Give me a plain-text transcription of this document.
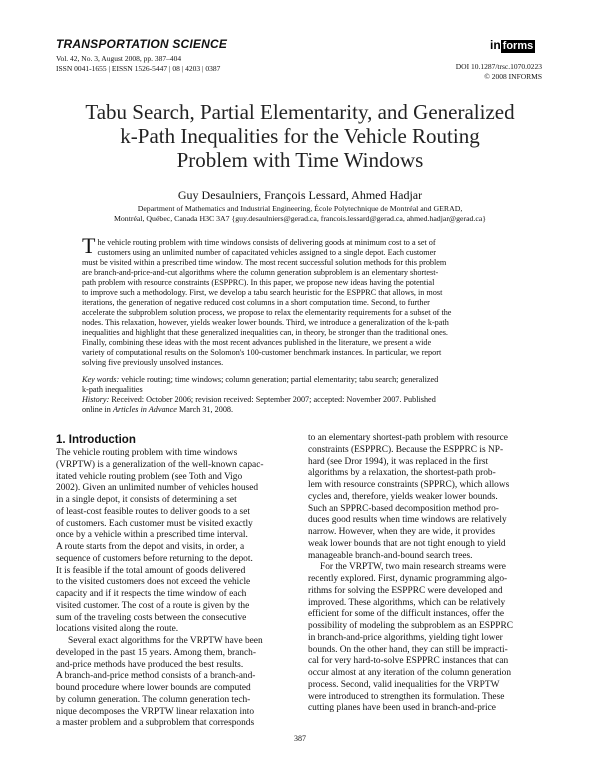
TRANSPORTATION SCIENCE
Vol. 42, No. 3, August 2008, pp. 387–404
ISSN 0041-1655 | EISSN 1526-5447 | 08 | 4203 | 0387
in forms
DOI 10.1287/trsc.1070.0223
© 2008 INFORMS
Tabu Search, Partial Elementarity, and Generalized
k-Path Inequalities for the Vehicle Routing
Problem with Time Windows
Guy Desaulniers, François Lessard, Ahmed Hadjar
Department of Mathematics and Industrial Engineering, École Polytechnique de Montréal and GERAD,
Montréal, Québec, Canada H3C 3A7 {guy.desaulniers@gerad.ca, francois.lessard@gerad.ca, ahmed.hadjar@gerad.ca}
T he vehicle routing problem with time windows consists of delivering goods at minimum cost to a set of
customers using an unlimited number of capacitated vehicles assigned to a single depot. Each customer
must be visited within a prescribed time window. The most recent successful solution methods for this problem
are branch-and-price-and-cut algorithms where the column generation subproblem is an elementary shortest-
path problem with resource constraints (ESPPRC). In this paper, we propose new ideas having the potential
to improve such a methodology. First, we develop a tabu search heuristic for the ESPPRC that allows, in most
iterations, the generation of negative reduced cost columns in a short computation time. Second, to further
accelerate the subproblem solution process, we propose to relax the elementarity requirements for a subset of the
nodes. This relaxation, however, yields weaker lower bounds. Third, we introduce a generalization of the k-path
inequalities and highlight that these generalized inequalities can, in theory, be stronger than the traditional ones.
Finally, combining these ideas with the most recent advances published in the literature, we present a wide
variety of computational results on the Solomon's 100-customer benchmark instances. In particular, we report
solving five previously unsolved instances.
Key words: vehicle routing; time windows; column generation; partial elementarity; tabu search; generalized
k-path inequalities
History: Received: October 2006; revision received: September 2007; accepted: November 2007. Published
online in Articles in Advance March 31, 2008.
1. Introduction
The vehicle routing problem with time windows
(VRPTW) is a generalization of the well-known capac-
itated vehicle routing problem (see Toth and Vigo
2002). Given an unlimited number of vehicles housed
in a single depot, it consists of determining a set
of least-cost feasible routes to deliver goods to a set
of customers. Each customer must be visited exactly
once by a vehicle within a prescribed time interval.
A route starts from the depot and visits, in order, a
sequence of customers before returning to the depot.
It is feasible if the total amount of goods delivered
to the visited customers does not exceed the vehicle
capacity and if it respects the time window of each
visited customer. The cost of a route is given by the
sum of the traveling costs between the consecutive
locations visited along the route.
Several exact algorithms for the VRPTW have been
developed in the past 15 years. Among them, branch-
and-price methods have produced the best results.
A branch-and-price method consists of a branch-and-
bound procedure where lower bounds are computed
by column generation. The column generation tech-
nique decomposes the VRPTW linear relaxation into
a master problem and a subproblem that corresponds
to an elementary shortest-path problem with resource
constraints (ESPPRC). Because the ESPPRC is NP-
hard (see Dror 1994), it was replaced in the first
algorithms by a relaxation, the shortest-path prob-
lem with resource constraints (SPPRC), which allows
cycles and, therefore, yields weaker lower bounds.
Such an SPPRC-based decomposition method pro-
duces good results when time windows are relatively
narrow. However, when they are wide, it provides
weak lower bounds that are not tight enough to yield
manageable branch-and-bound search trees.
For the VRPTW, two main research streams were
recently explored. First, dynamic programming algo-
rithms for solving the ESPPRC were developed and
improved. These algorithms, which can be relatively
efficient for some of the difficult instances, offer the
possibility of modeling the subproblem as an ESPPRC
in branch-and-price algorithms, yielding tight lower
bounds. On the other hand, they can still be impracti-
cal for very hard-to-solve ESPPRC instances that can
occur almost at any iteration of the column generation
process. Second, valid inequalities for the VRPTW
were introduced to strengthen its formulation. These
cutting planes have been used in branch-and-price
387
